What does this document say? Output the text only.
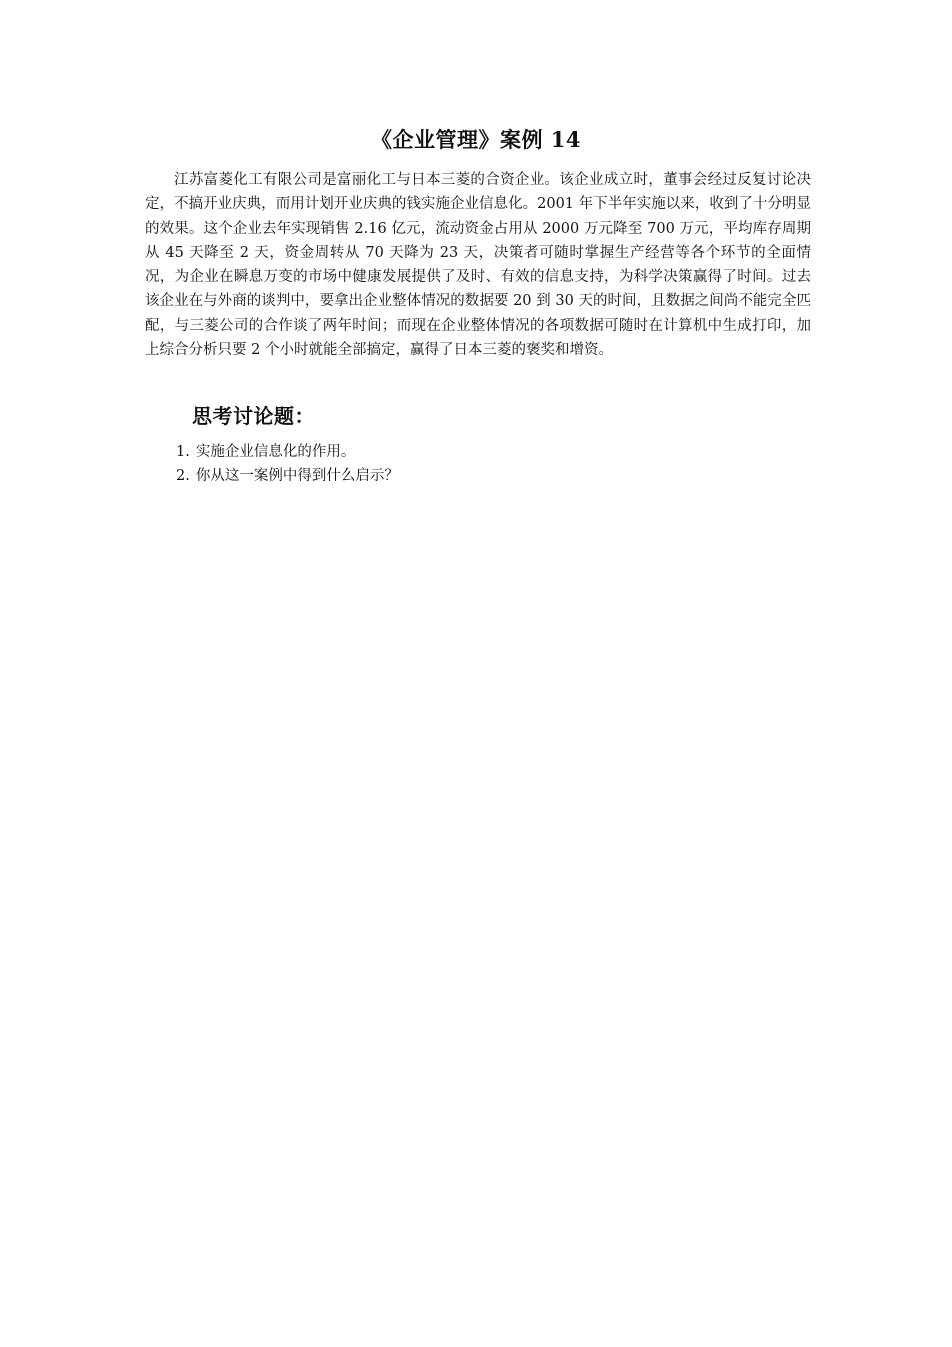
《企业管理》案例 14

江苏富菱化工有限公司是富丽化工与日本三菱的合资企业。该企业成立时，董事会经过反复讨论决定，不搞开业庆典，而用计划开业庆典的钱实施企业信息化。2001 年下半年实施以来，收到了十分明显的效果。这个企业去年实现销售 2.16 亿元，流动资金占用从 2000 万元降至 700 万元，平均库存周期从 45 天降至 2 天，资金周转从 70 天降为 23 天，决策者可随时掌握生产经营等各个环节的全面情况，为企业在瞬息万变的市场中健康发展提供了及时、有效的信息支持，为科学决策赢得了时间。过去该企业在与外商的谈判中，要拿出企业整体情况的数据要 20 到 30 天的时间，且数据之间尚不能完全匹配，与三菱公司的合作谈了两年时间；而现在企业整体情况的各项数据可随时在计算机中生成打印，加上综合分析只要 2 个小时就能全部搞定，赢得了日本三菱的褒奖和增资。

思考讨论题：
1. 实施企业信息化的作用。
2. 你从这一案例中得到什么启示？
